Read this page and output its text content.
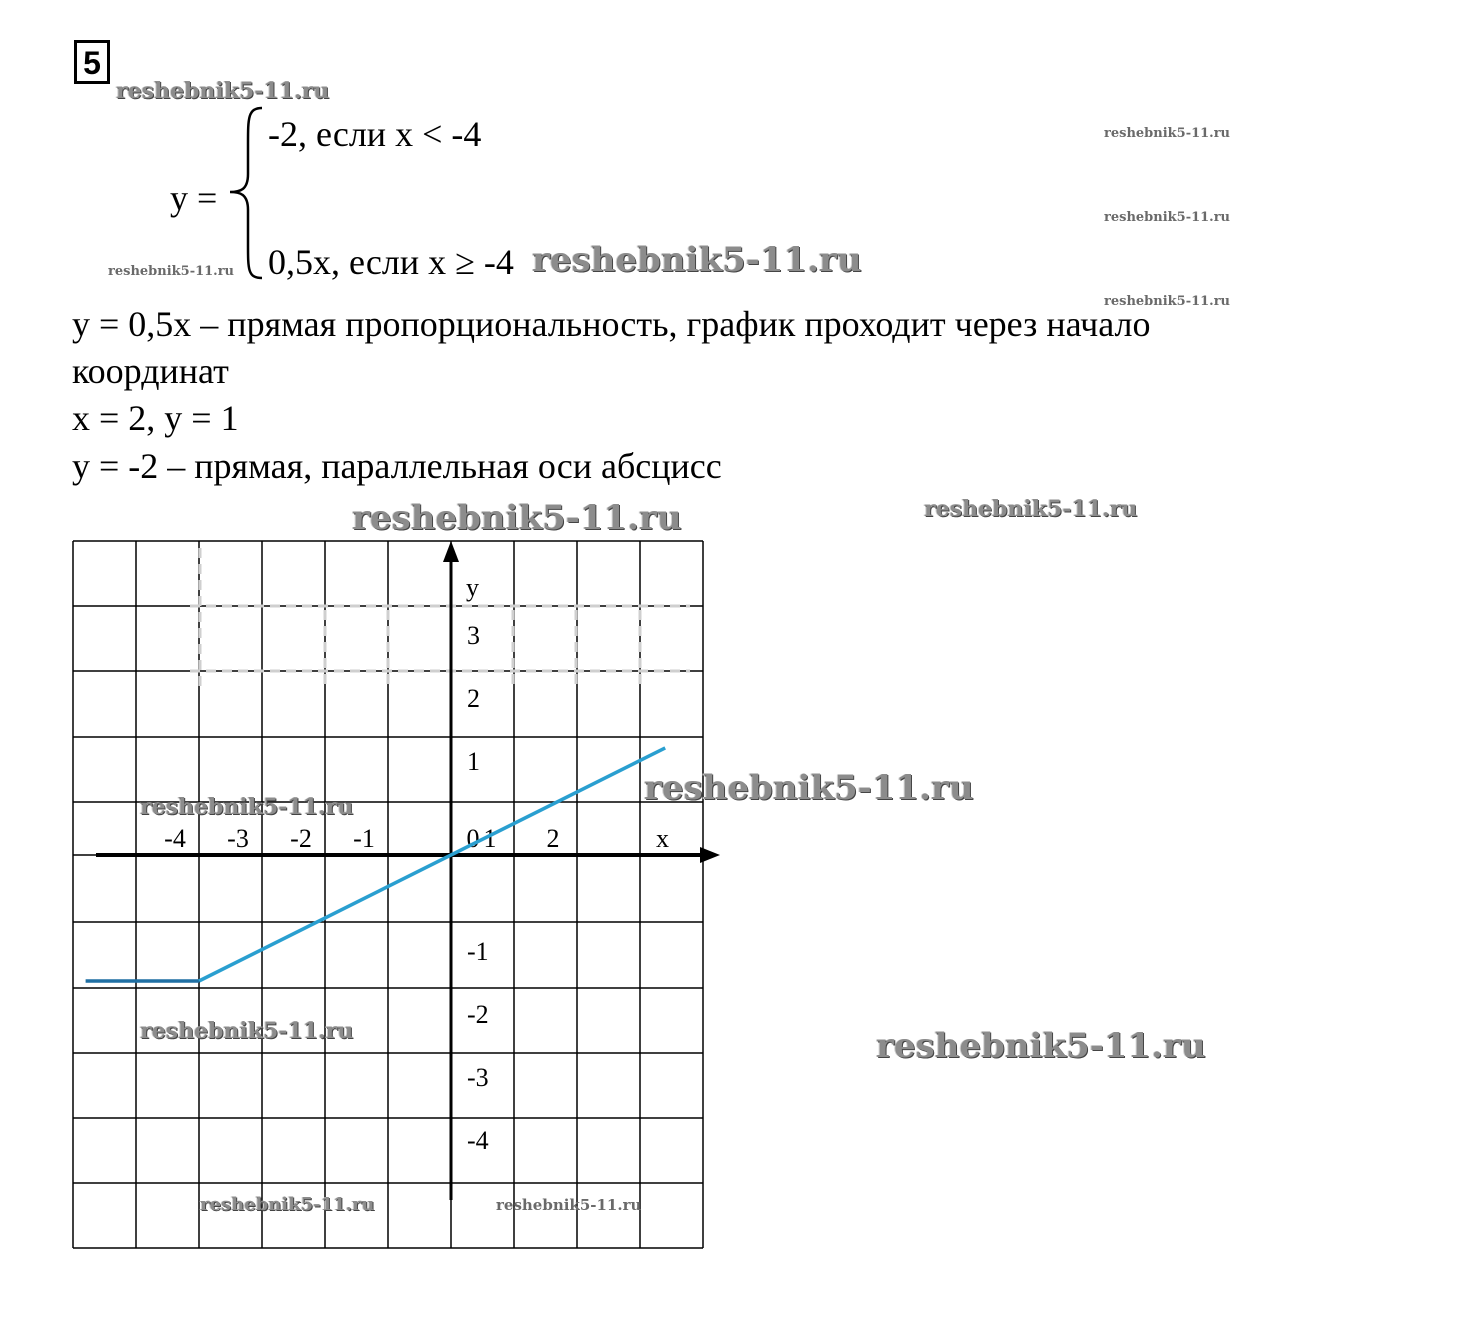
5
y =
-2, если x < -4
0,5x, если x ≥ -4
y = 0,5x – прямая пропорциональность, график проходит через начало
координат
x = 2, y = 1
y = -2 – прямая, параллельная оси абсцисс
-4 -3 -2 -1	0 1 2
3
2
1
-1
-2
-3
-4
x
y
reshebnik5-11.ru
reshebnik5-11.ru
reshebnik5-11.ru
reshebnik5-11.ru
reshebnik5-11.ru	reshebnik5-11.ru
reshebnik5-11.ru	reshebnik5-11.ru
reshebnik5-11.ru
reshebnik5-11.ru
reshebnik5-11.ru	reshebnik5-11.ru
reshebnik5-11.ru	reshebnik5-11.ru
